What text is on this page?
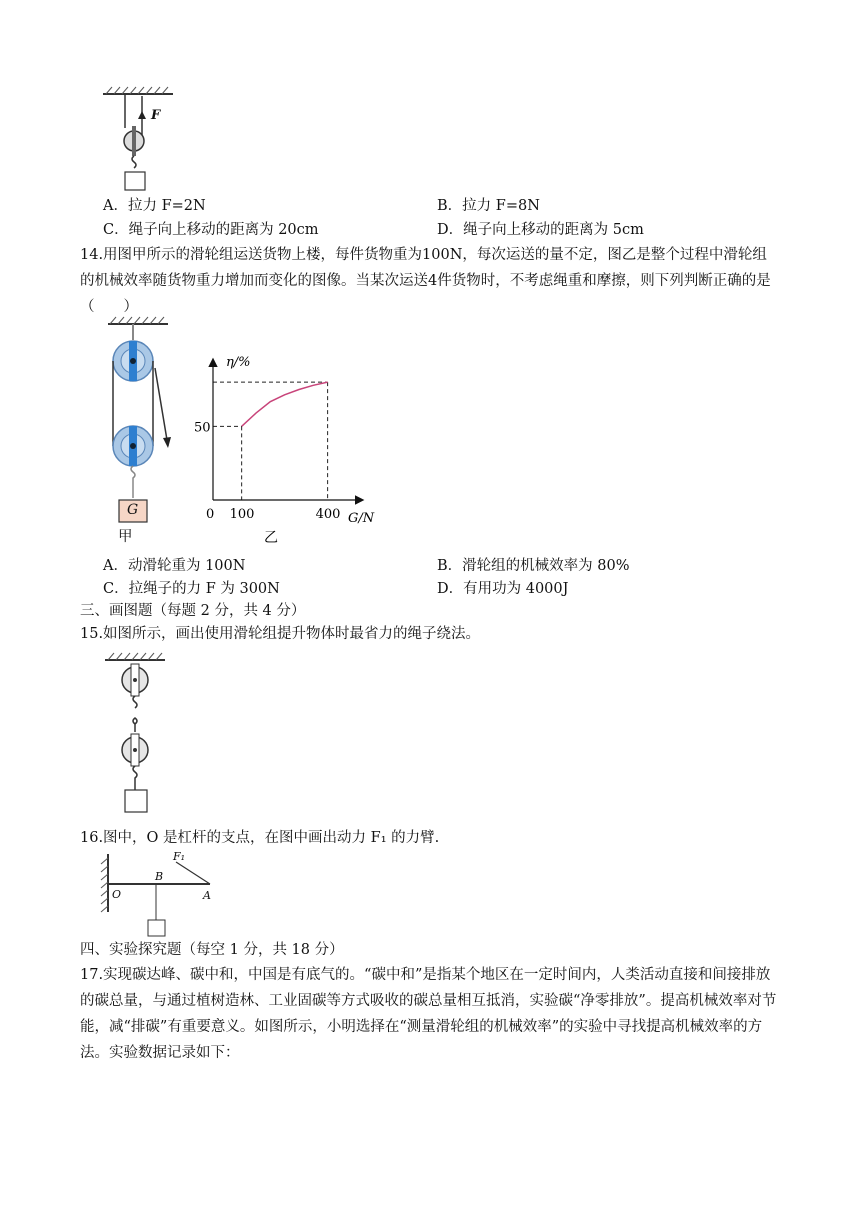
F
A．拉力 F=2N	B．拉力 F=8N
C．绳子向上移动的距离为 20cm	D．绳子向上移动的距离为 5cm
14.用图甲所示的滑轮组运送货物上楼，每件货物重为100N，每次运送的量不定，图乙是整个过程中滑轮组的机械效率随货物重力增加而变化的图像。当某次运送4件货物时，不考虑绳重和摩擦，则下列判断正确的是（　　）
G
甲
η/%
G/N
0 100	400
50
乙
A．动滑轮重为 100N	B．滑轮组的机械效率为 80%
C．拉绳子的力 F 为 300N	D．有用功为 4000J
三、画图题（每题 2 分，共 4 分）
15.如图所示，画出使用滑轮组提升物体时最省力的绳子绕法。
16.图中，O 是杠杆的支点，在图中画出动力 F₁ 的力臂.
O
B
A
F₁
四、实验探究题（每空 1 分，共 18 分）
17.实现碳达峰、碳中和，中国是有底气的。“碳中和”是指某个地区在一定时间内，人类活动直接和间接排放的碳总量，与通过植树造林、工业固碳等方式吸收的碳总量相互抵消，实验碳“净零排放”。提高机械效率对节能，减“排碳”有重要意义。如图所示，小明选择在“测量滑轮组的机械效率”的实验中寻找提高机械效率的方法。实验数据记录如下：
